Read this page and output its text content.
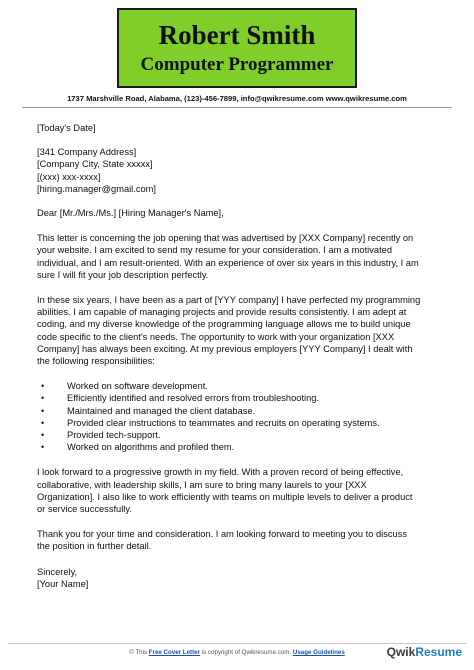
Robert Smith
Computer Programmer
1737 Marshville Road, Alabama, (123)-456-7899, info@qwikresume.com www.qwikresume.com

[Today's Date]

[341 Company Address]

[Company City, State xxxxx]

[(xxx) xxx-xxxx]

[hiring.manager@gmail.com]

Dear [Mr./Mrs./Ms.] [Hiring Manager's Name],

This letter is concerning the job opening that was advertised by [XXX Company] recently on

your website. I am excited to send my resume for your consideration. I am a motivated

individual, and I am result-oriented. With an experience of over six years in this industry, I am

sure I will fit your job description perfectly.

In these six years, I have been as a part of [YYY company] I have perfected my programming

abilities. I am capable of managing projects and provide results consistently. I am adept at

coding, and my diverse knowledge of the programming language allows me to build unique

code specific to the client's needs. The opportunity to work with your organization [XXX

Company] has always been exciting. At my previous employers [YYY Company] I dealt with

the following responsibilities:

• Worked on software development.
• Efficiently identified and resolved errors from troubleshooting.
• Maintained and managed the client database.
• Provided clear instructions to teammates and recruits on operating systems.
• Provided tech-support.
• Worked on algorithms and profiled them.

I look forward to a progressive growth in my field. With a proven record of being effective,

collaborative, with leadership skills, I am sure to bring many laurels to your [XXX

Organization]. I also like to work efficiently with teams on multiple levels to deliver a product

or service successfully.

Thank you for your time and consideration. I am looking forward to meeting you to discuss

the position in further detail.

Sincerely,

[Your Name]

© This Free Cover Letter is copyright of Qwikresume.com. Usage Guidelines	QwikResume
